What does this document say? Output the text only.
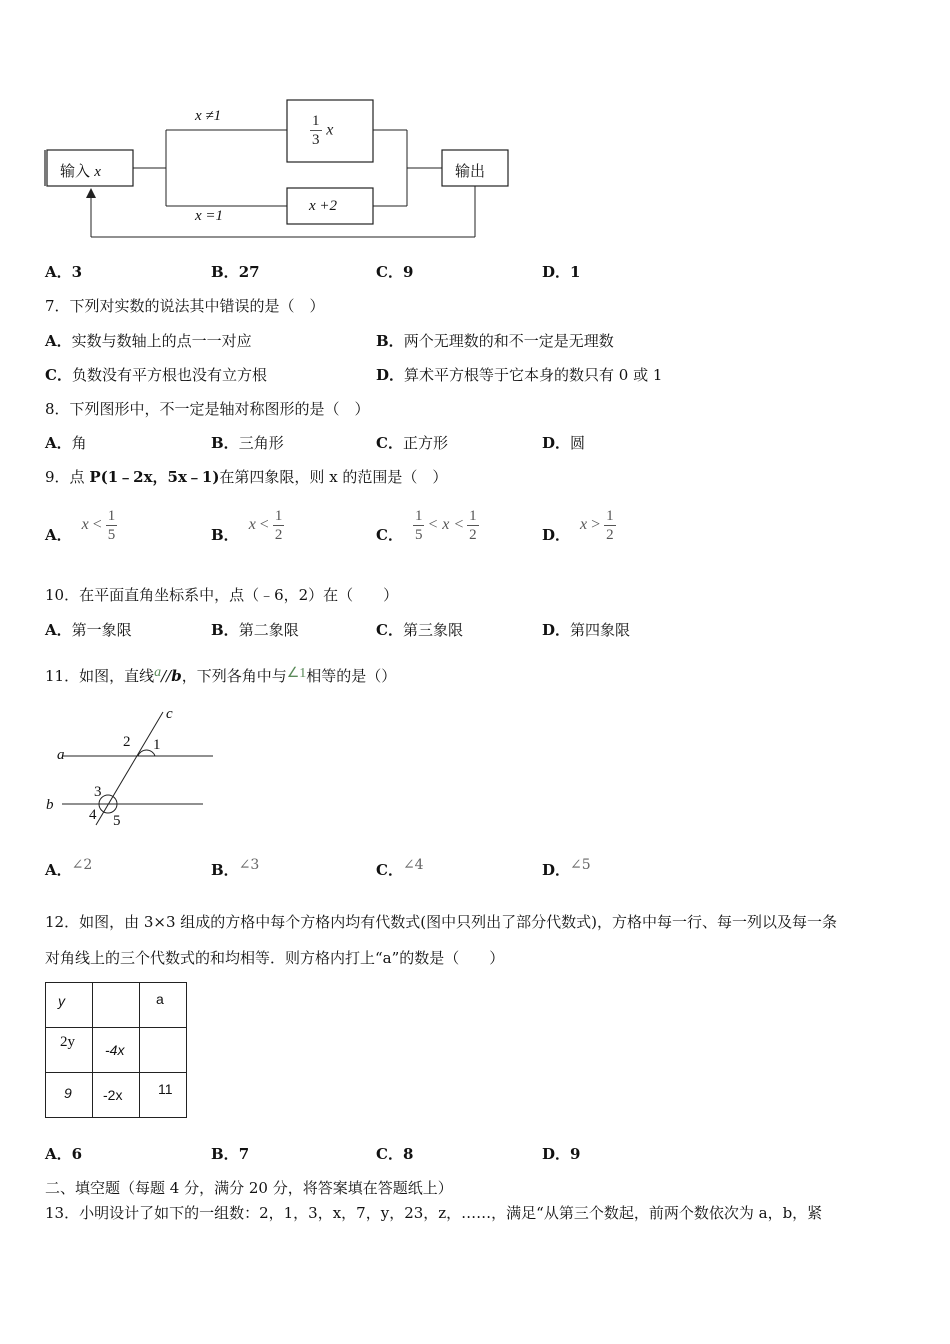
输入 x
x ≠1
x =1
$\frac{1}{3}$ x
x +2
输出
A．3	B．27	C．9	D．1
7．下列对实数的说法其中错误的是（　）
A．实数与数轴上的点一一对应	B．两个无理数的和不一定是无理数
C．负数没有平方根也没有立方根	D．算术平方根等于它本身的数只有 0 或 1
8．下列图形中，不一定是轴对称图形的是（　）
A．角	B．三角形	C．正方形	D．圆
9．点 P(1﹣2x，5x﹣1)在第四象限，则 x 的范围是（　）
A．
$x < \frac{1}{5}$	B．
$x < \frac{1}{2}$	C． $\frac{1}{5} < x < \frac{1}{2}$	D．
$x > \frac{1}{2}$
10．在平面直角坐标系中，点（﹣6，2）在（　　）
A．第一象限	B．第二象限	C．第三象限	D．第四象限
11．如图，直线a//b，下列各角中与∠1相等的是（）
c
a
b
2 1
3
4 5
A．∠2	B．∠3	C．∠4	D．∠5
12．如图，由 3×3 组成的方格中每个方格内均有代数式(图中只列出了部分代数式)，方格中每一行、每一列以及每一条
对角线上的三个代数式的和均相等．则方格内打上“a”的数是（　　）
y		a

2y	-4x	

9	-2x	11
A．6	B．7	C．8	D．9
二、填空题（每题 4 分，满分 20 分，将答案填在答题纸上）
13．小明设计了如下的一组数：2，1，3，x，7，y，23，z，……，满足“从第三个数起，前两个数依次为 a，b，紧
